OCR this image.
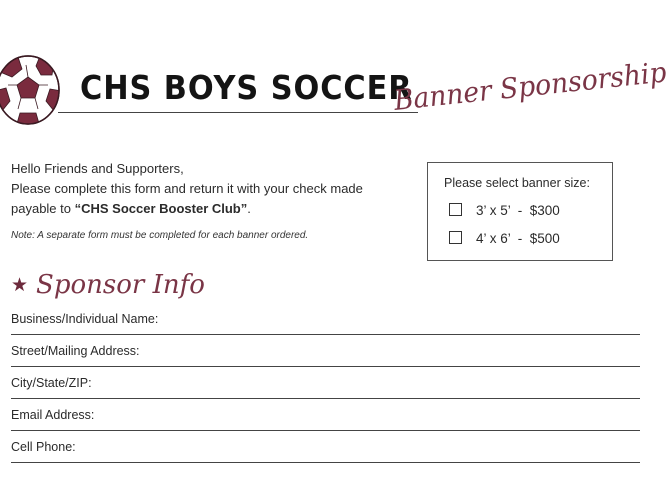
CHS BOYS SOCCER
Banner Sponsorship
Hello Friends and Supporters,
Please complete this form and return it with your check made
payable to “CHS Soccer Booster Club”.
Note: A separate form must be completed for each banner ordered.
Please select banner size:
3’ x 5’  -  $300
4’ x 6’  -  $500
★ Sponsor Info
Business/Individual Name:
Street/Mailing Address:
City/State/ZIP:
Email Address:
Cell Phone:
